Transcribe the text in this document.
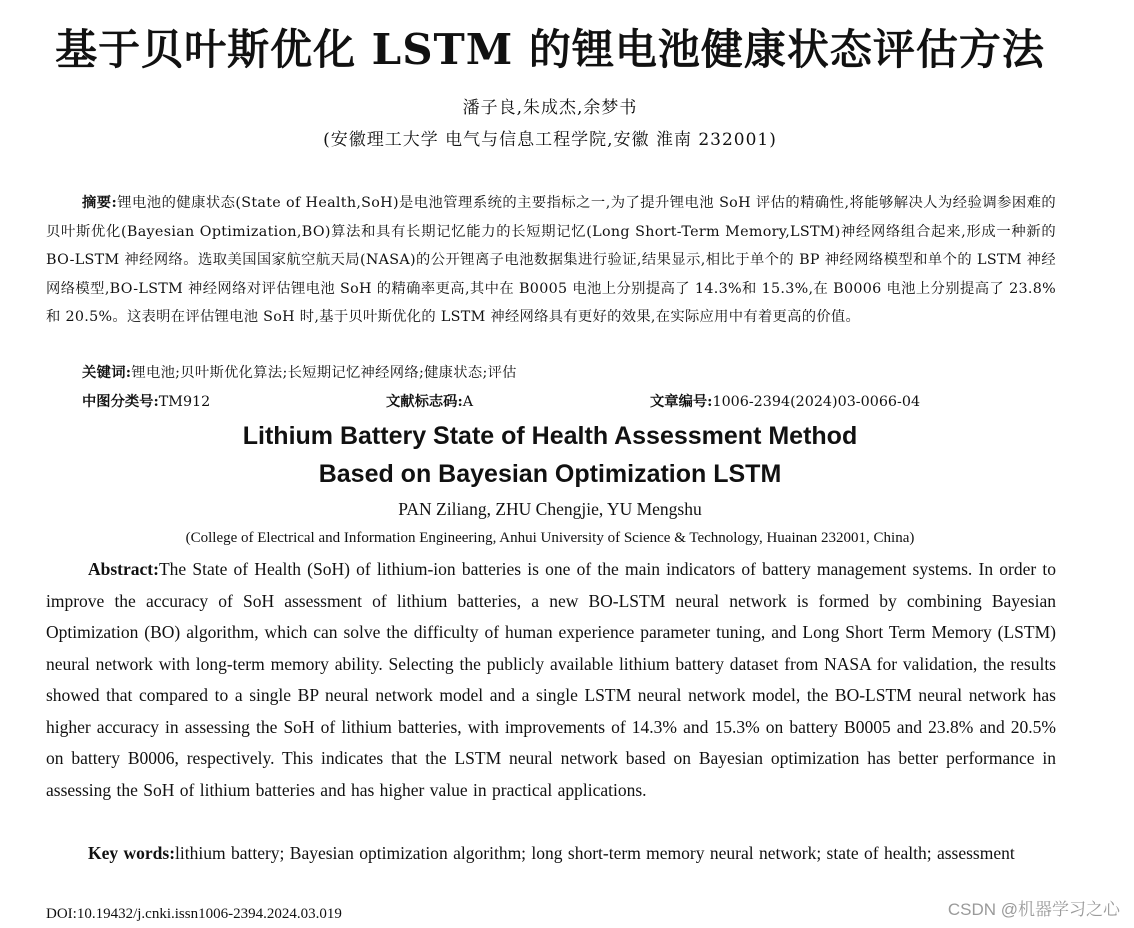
基于贝叶斯优化 LSTM 的锂电池健康状态评估方法
潘子良,朱成杰,余梦书
(安徽理工大学 电气与信息工程学院,安徽 淮南 232001)
摘要:锂电池的健康状态(State of Health,SoH)是电池管理系统的主要指标之一,为了提升锂电池 SoH 评估的精确性,将能够解决人为经验调参困难的贝叶斯优化(Bayesian Optimization,BO)算法和具有长期记忆能力的长短期记忆(Long Short-Term Memory,LSTM)神经网络组合起来,形成一种新的 BO-LSTM 神经网络。选取美国国家航空航天局(NASA)的公开锂离子电池数据集进行验证,结果显示,相比于单个的 BP 神经网络模型和单个的 LSTM 神经网络模型,BO-LSTM 神经网络对评估锂电池 SoH 的精确率更高,其中在 B0005 电池上分别提高了 14.3%和 15.3%,在 B0006 电池上分别提高了 23.8%和 20.5%。这表明在评估锂电池 SoH 时,基于贝叶斯优化的 LSTM 神经网络具有更好的效果,在实际应用中有着更高的价值。
关键词:锂电池;贝叶斯优化算法;长短期记忆神经网络;健康状态;评估
中图分类号:TM912	文献标志码:A	文章编号:1006-2394(2024)03-0066-04
Lithium Battery State of Health Assessment Method
Based on Bayesian Optimization LSTM
PAN Ziliang, ZHU Chengjie, YU Mengshu
(College of Electrical and Information Engineering, Anhui University of Science & Technology, Huainan 232001, China)
Abstract:The State of Health (SoH) of lithium-ion batteries is one of the main indicators of battery management systems. In order to improve the accuracy of SoH assessment of lithium batteries, a new BO-LSTM neural network is formed by combining Bayesian Optimization (BO) algorithm, which can solve the difficulty of human experience parameter tuning, and Long Short Term Memory (LSTM) neural network with long-term memory ability. Selecting the publicly available lithium battery dataset from NASA for validation, the results showed that compared to a single BP neural network model and a single LSTM neural network model, the BO-LSTM neural network has higher accuracy in assessing the SoH of lithium batteries, with improvements of 14.3% and 15.3% on battery B0005 and 23.8% and 20.5% on battery B0006, respectively. This indicates that the LSTM neural network based on Bayesian optimization has better performance in assessing the SoH of lithium batteries and has higher value in practical applications.
Key words:lithium battery; Bayesian optimization algorithm; long short-term memory neural network; state of health; assessment
DOI:10.19432/j.cnki.issn1006-2394.2024.03.019	CSDN @机器学习之心
